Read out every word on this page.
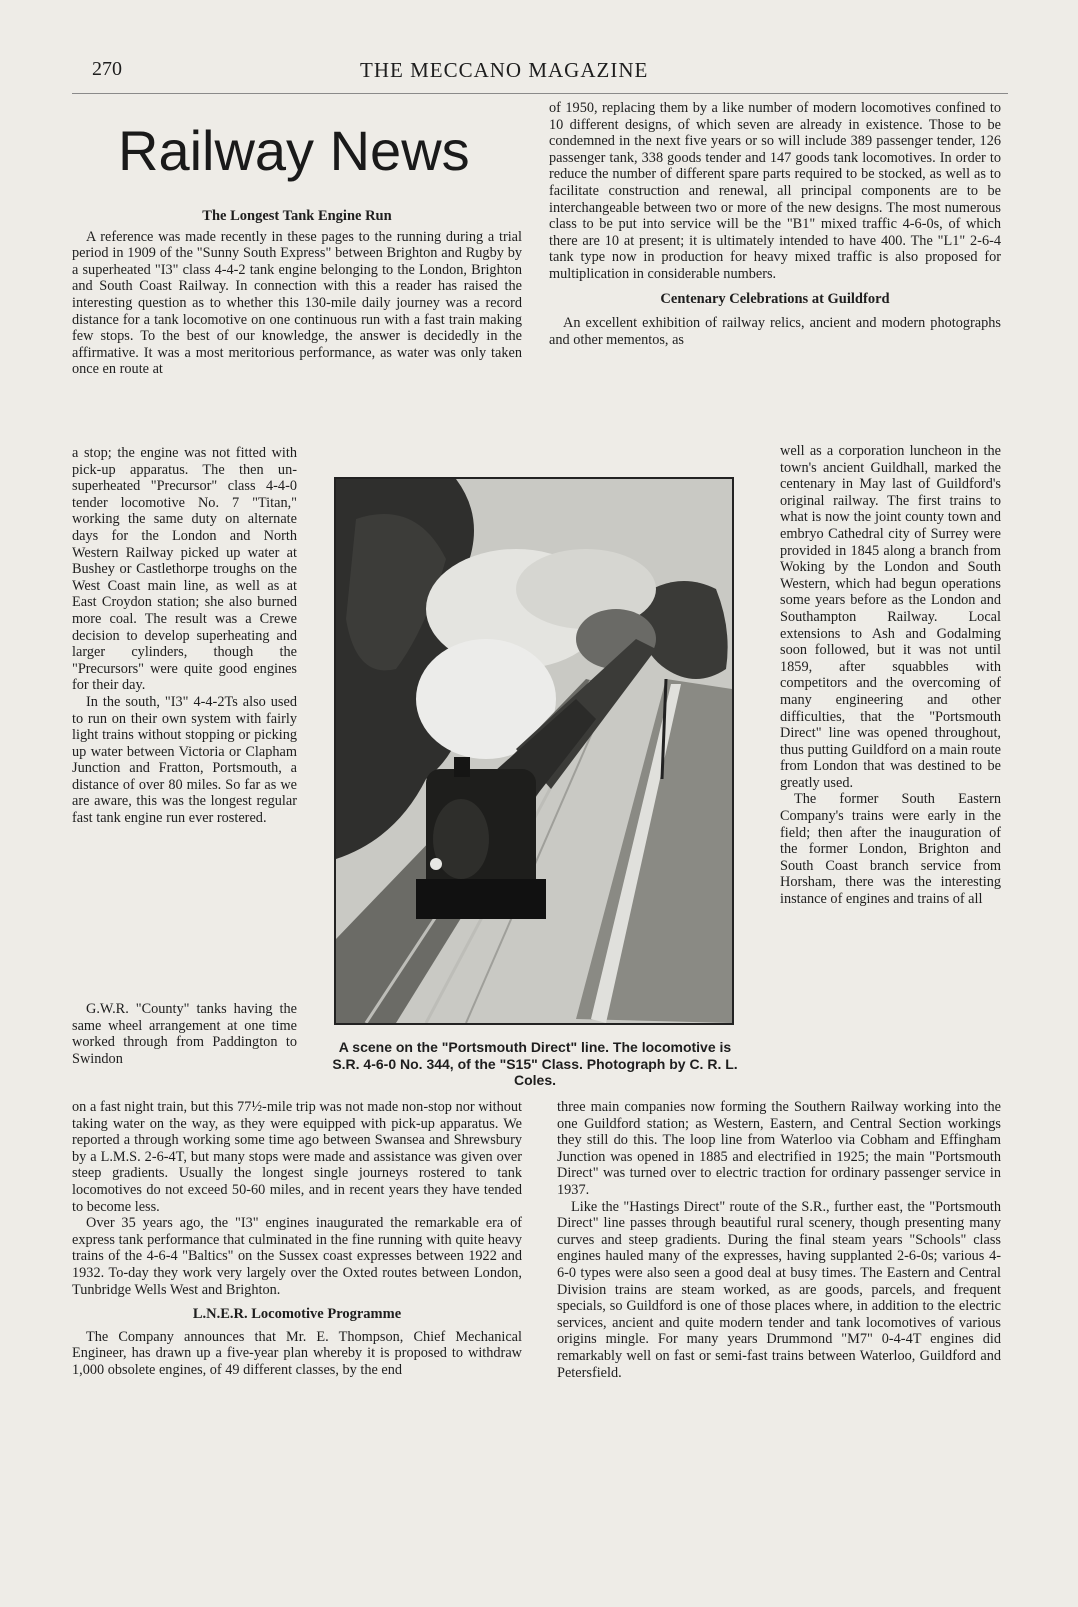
270	THE MECCANO MAGAZINE
Railway News
The Longest Tank Engine Run

A reference was made recently in these pages to the running during a trial period in 1909 of the "Sunny South Express" between Brighton and Rugby by a superheated "I3" class 4-4-2 tank engine belonging to the London, Brighton and South Coast Railway. In connection with this a reader has raised the interesting question as to whether this 130-mile daily journey was a record distance for a tank locomotive on one continuous run with a fast train making few stops. To the best of our knowledge, the answer is decidedly in the affirmative. It was a most meritorious performance, as water was only taken once en route at

a stop; the engine was not fitted with pick-up apparatus. The then un-superheated "Precursor" class 4-4-0 tender locomotive No. 7 "Titan," working the same duty on alternate days for the London and North Western Railway picked up water at Bushey or Castlethorpe troughs on the West Coast main line, as well as at East Croydon station; she also burned more coal. The result was a Crewe decision to develop superheating and larger cylinders, though the "Precursors" were quite good engines for their day.

In the south, "I3" 4-4-2Ts also used to run on their own system with fairly light trains without stopping or picking up water between Victoria or Clapham Junction and Fratton, Portsmouth, a distance of over 80 miles. So far as we are aware, this was the longest regular fast tank engine run ever rostered.

G.W.R. "County" tanks having the same wheel arrangement at one time worked through from Paddington to Swindon

on a fast night train, but this 77½-mile trip was not made non-stop nor without taking water on the way, as they were equipped with pick-up apparatus. We reported a through working some time ago between Swansea and Shrewsbury by a L.M.S. 2-6-4T, but many stops were made and assistance was given over steep gradients. Usually the longest single journeys rostered to tank locomotives do not exceed 50-60 miles, and in recent years they have tended to become less.

Over 35 years ago, the "I3" engines inaugurated the remarkable era of express tank performance that culminated in the fine running with quite heavy trains of the 4-6-4 "Baltics" on the Sussex coast expresses between 1922 and 1932. To-day they work very largely over the Oxted routes between London, Tunbridge Wells West and Brighton.

L.N.E.R. Locomotive Programme

The Company announces that Mr. E. Thompson, Chief Mechanical Engineer, has drawn up a five-year plan whereby it is proposed to withdraw 1,000 obsolete engines, of 49 different classes, by the end

of 1950, replacing them by a like number of modern locomotives confined to 10 different designs, of which seven are already in existence. Those to be condemned in the next five years or so will include 389 passenger tender, 126 passenger tank, 338 goods tender and 147 goods tank locomotives. In order to reduce the number of different spare parts required to be stocked, as well as to facilitate construction and renewal, all principal components are to be interchangeable between two or more of the new designs. The most numerous class to be put into service will be the "B1" mixed traffic 4-6-0s, of which there are 10 at present; it is ultimately intended to have 400. The "L1" 2-6-4 tank type now in production for heavy mixed traffic is also proposed for multiplication in considerable numbers.

Centenary Celebrations at Guildford

An excellent exhibition of railway relics, ancient and modern photographs and other mementos, as

well as a corporation luncheon in the town's ancient Guildhall, marked the centenary in May last of Guildford's original railway. The first trains to what is now the joint county town and embryo Cathedral city of Surrey were provided in 1845 along a branch from Woking by the London and South Western, which had begun operations some years before as the London and Southampton Railway. Local extensions to Ash and Godalming soon followed, but it was not until 1859, after squabbles with competitors and the overcoming of many engineering and other difficulties, that the "Portsmouth Direct" line was opened throughout, thus putting Guildford on a main route from London that was destined to be greatly used.

The former South Eastern Company's trains were early in the field; then after the inauguration of the former London, Brighton and South Coast branch service from Horsham, there was the interesting instance of engines and trains of all

three main companies now forming the Southern Railway working into the one Guildford station; as Western, Eastern, and Central Section workings they still do this. The loop line from Waterloo via Cobham and Effingham Junction was opened in 1885 and electrified in 1925; the main "Portsmouth Direct" was turned over to electric traction for ordinary passenger service in 1937.

Like the "Hastings Direct" route of the S.R., further east, the "Portsmouth Direct" line passes through beautiful rural scenery, though presenting many curves and steep gradients. During the final steam years "Schools" class engines hauled many of the expresses, having supplanted 2-6-0s; various 4-6-0 types were also seen a good deal at busy times. The Eastern and Central Division trains are steam worked, as are goods, parcels, and frequent specials, so Guildford is one of those places where, in addition to the electric services, ancient and quite modern tender and tank locomotives of various origins mingle. For many years Drummond "M7" 0-4-4T engines did remarkably well on fast or semi-fast trains between Waterloo, Guildford and Petersfield.

A scene on the "Portsmouth Direct" line. The locomotive is S.R. 4-6-0 No. 344, of the "S15" Class. Photograph by C. R. L. Coles.
